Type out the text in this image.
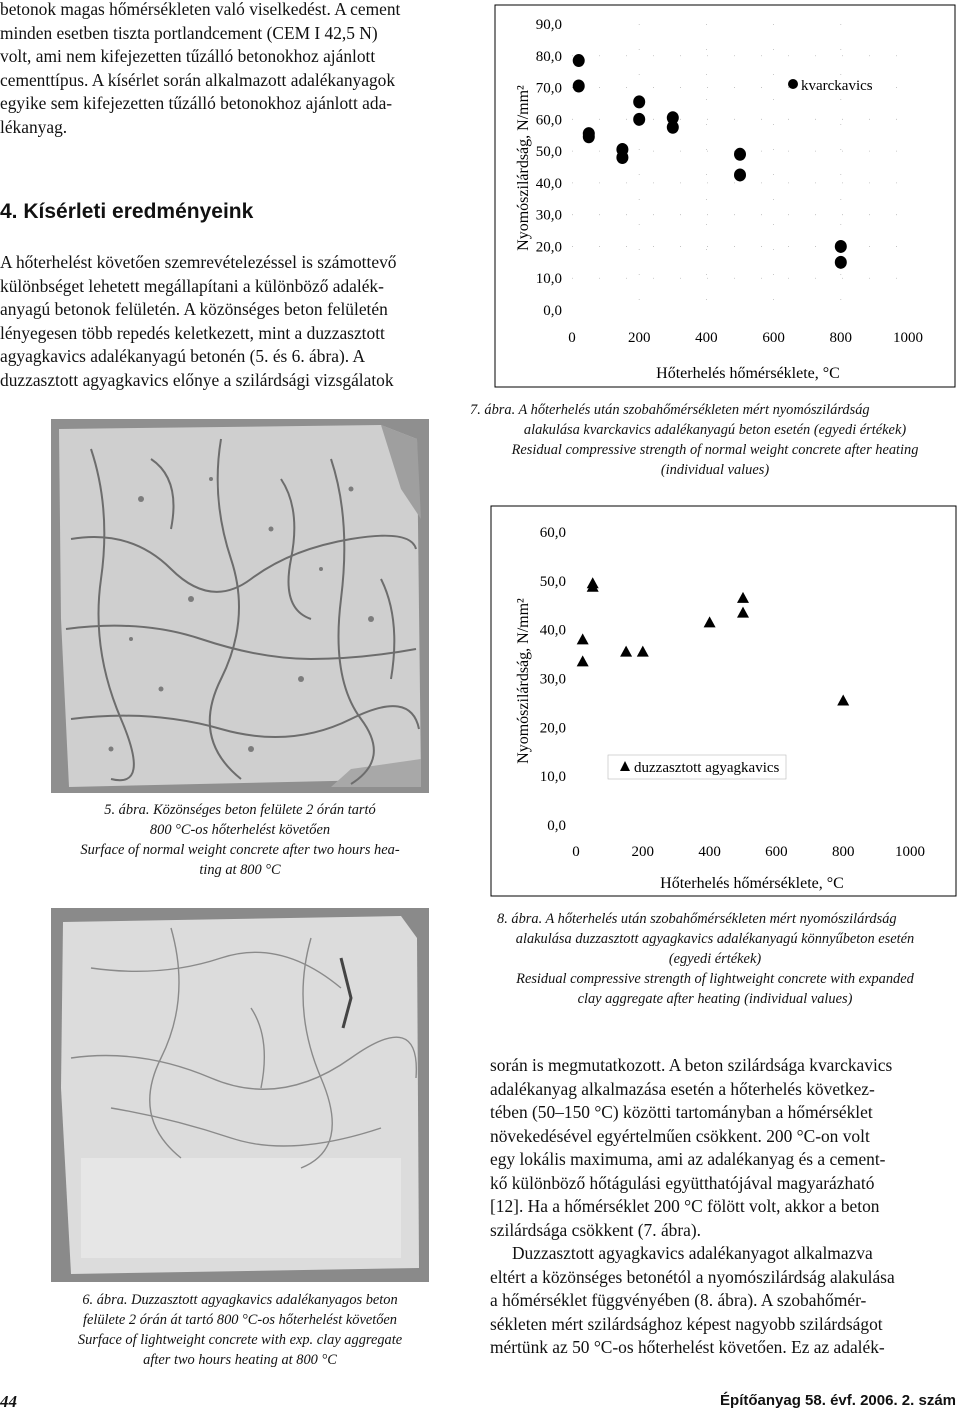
betonok magas hőmérsékleten való viselkedést. A cement
minden esetben tiszta portlandcement (CEM I 42,5 N)
volt, ami nem kifejezetten tűzálló betonokhoz ajánlott
cementtípus. A kísérlet során alkalmazott adalékanyagok
egyike sem kifejezetten tűzálló betonokhoz ajánlott ada-
lékanyag.
4. Kísérleti eredményeink
A hőterhelést követően szemrevételezéssel is számottevő
különbséget lehetett megállapítani a különböző adalék-
anyagú betonok felületén. A közönséges beton felületén
lényegesen több repedés keletkezett, mint a duzzasztott
agyagkavics adalékanyagú betonén (5. és 6. ábra). A
duzzasztott agyagkavics előnye a szilárdsági vizsgálatok
5. ábra. Közönséges beton felülete 2 órán tartó
800 °C-os hőterhelést követően
Surface of normal weight concrete after two hours hea-
ting at 800 °C
6. ábra. Duzzasztott agyagkavics adalékanyagos beton
felülete 2 órán át tartó 800 °C-os hőterhelést követően
Surface of lightweight concrete with exp. clay aggregate
after two hours heating at 800 °C
0,0
10,0
20,0
30,0
40,0
50,0
60,0
70,0
80,0
90,0
0	200	400	600	800	1000
Nyomószilárdság, N/mm²
Hőterhelés hőmérséklete, °C
kvarckavics
7. ábra. A hőterhelés után szobahőmérsékleten mért nyomószilárdság
alakulása kvarckavics adalékanyagú beton esetén (egyedi értékek)
Residual compressive strength of normal weight concrete after heating
(individual values)
0,0
10,0
20,0
30,0
40,0
50,0
60,0
0	200	400	600	800	1000
Nyomószilárdság, N/mm²
Hőterhelés hőmérséklete, °C
duzzasztott agyagkavics
8. ábra. A hőterhelés után szobahőmérsékleten mért nyomószilárdság
alakulása duzzasztott agyagkavics adalékanyagú könnyűbeton esetén
(egyedi értékek)
Residual compressive strength of lightweight concrete with expanded
clay aggregate after heating (individual values)
során is megmutatkozott. A beton szilárdsága kvarckavics
adalékanyag alkalmazása esetén a hőterhelés következ-
tében (50–150 °C) közötti tartományban a hőmérséklet
növekedésével egyértelműen csökkent. 200 °C-on volt
egy lokális maximuma, ami az adalékanyag és a cement-
kő különböző hőtágulási együtthatójával magyarázható
[12]. Ha a hőmérséklet 200 °C fölött volt, akkor a beton
szilárdsága csökkent (7. ábra).
Duzzasztott agyagkavics adalékanyagot alkalmazva
eltért a közönséges betonétól a nyomószilárdság alakulása
a hőmérséklet függvényében (8. ábra). A szobahőmér-
sékleten mért szilárdsághoz képest nagyobb szilárdságot
mértünk az 50 °C-os hőterhelést követően. Ez az adalék-
44	Építőanyag 58. évf. 2006. 2. szám
